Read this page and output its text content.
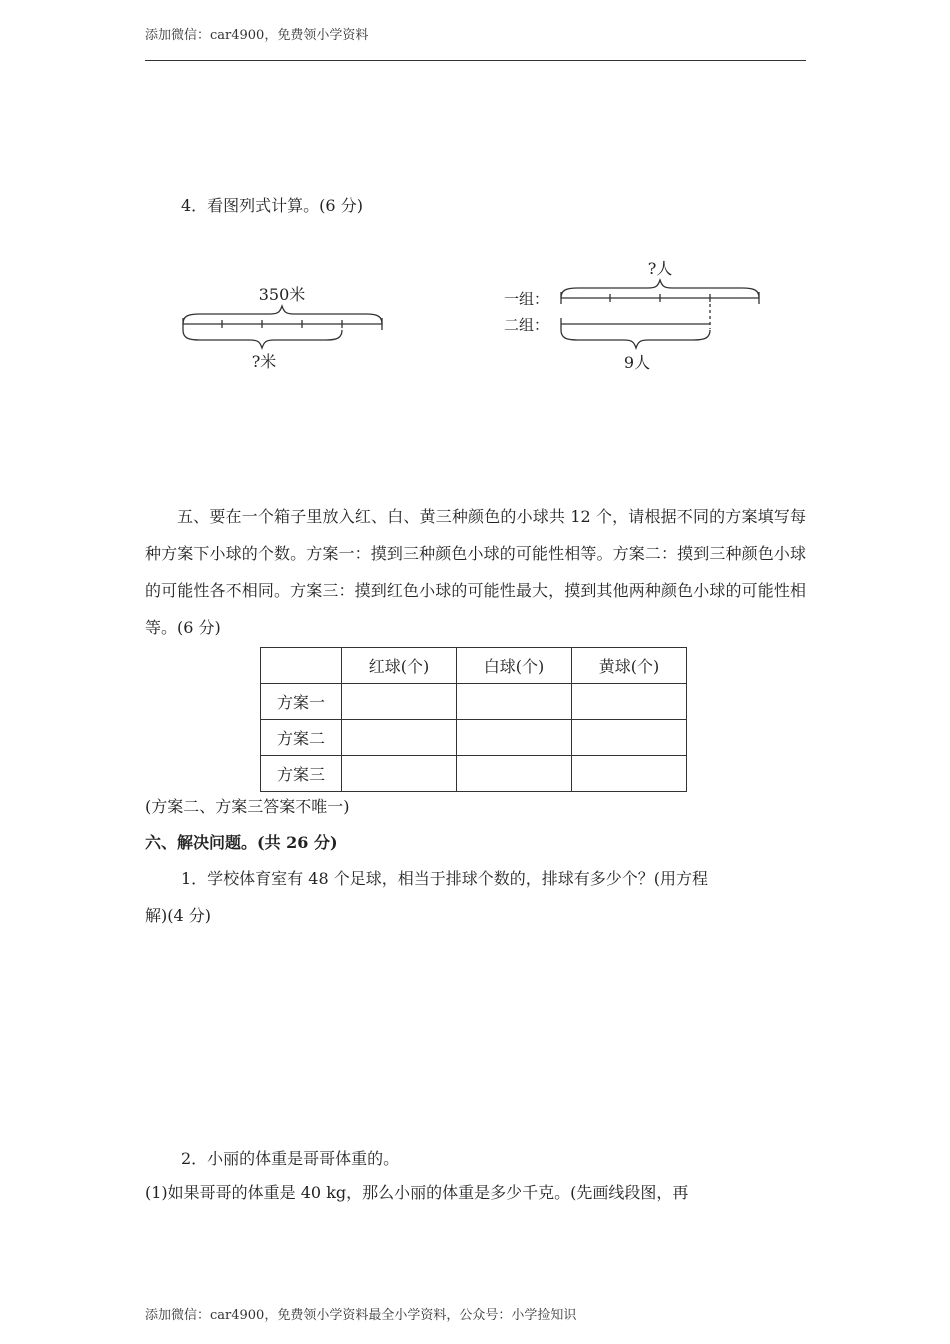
添加微信：car4900，免费领小学资料
4．看图列式计算。(6 分)
350米
?米
?人
一组：
二组：
9人

五、要在一个箱子里放入红、白、黄三种颜色的小球共 12 个，请根据不同的方案填写每种方案下小球的个数。方案一：摸到三种颜色小球的可能性相等。方案二：摸到三种颜色小球的可能性各不相同。方案三：摸到红色小球的可能性最大，摸到其他两种颜色小球的可能性相等。(6 分)

	红球(个)	白球(个)	黄球(个)
方案一			
方案二			
方案三			
(方案二、方案三答案不唯一)
六、解决问题。(共 26 分)
1．学校体育室有 48 个足球，相当于排球个数的，排球有多少个？(用方程
解)(4 分)
2．小丽的体重是哥哥体重的。
(1)如果哥哥的体重是 40 kg，那么小丽的体重是多少千克。(先画线段图，再
添加微信：car4900，免费领小学资料最全小学资料，公众号：小学捡知识
